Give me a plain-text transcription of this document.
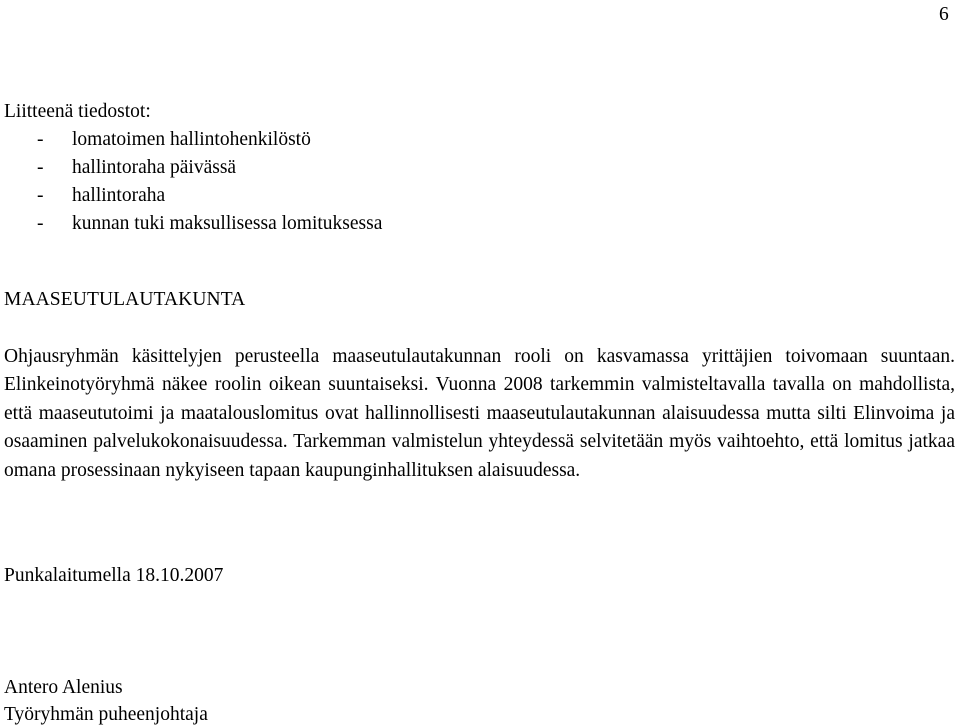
6
Liitteenä tiedostot:
- lomatoimen hallintohenkilöstö
- hallintoraha päivässä
- hallintoraha
- kunnan tuki maksullisessa lomituksessa
MAASEUTULAUTAKUNTA

Ohjausryhmän käsittelyjen perusteella maaseutulautakunnan rooli on kasvamassa yrittäjien toivomaan suuntaan. Elinkeinotyöryhmä näkee roolin oikean suuntaiseksi. Vuonna 2008 tarkemmin valmisteltavalla tavalla on mahdollista, että maaseututoimi ja maatalouslomitus ovat hallinnollisesti maaseutulautakunnan alaisuudessa mutta silti Elinvoima ja osaaminen palvelukokonaisuudessa. Tarkemman valmistelun yhteydessä selvitetään myös vaihtoehto, että lomitus jatkaa omana prosessinaan nykyiseen tapaan kaupunginhallituksen alaisuudessa.

Punkalaitumella 18.10.2007
Antero Alenius
Työryhmän puheenjohtaja
